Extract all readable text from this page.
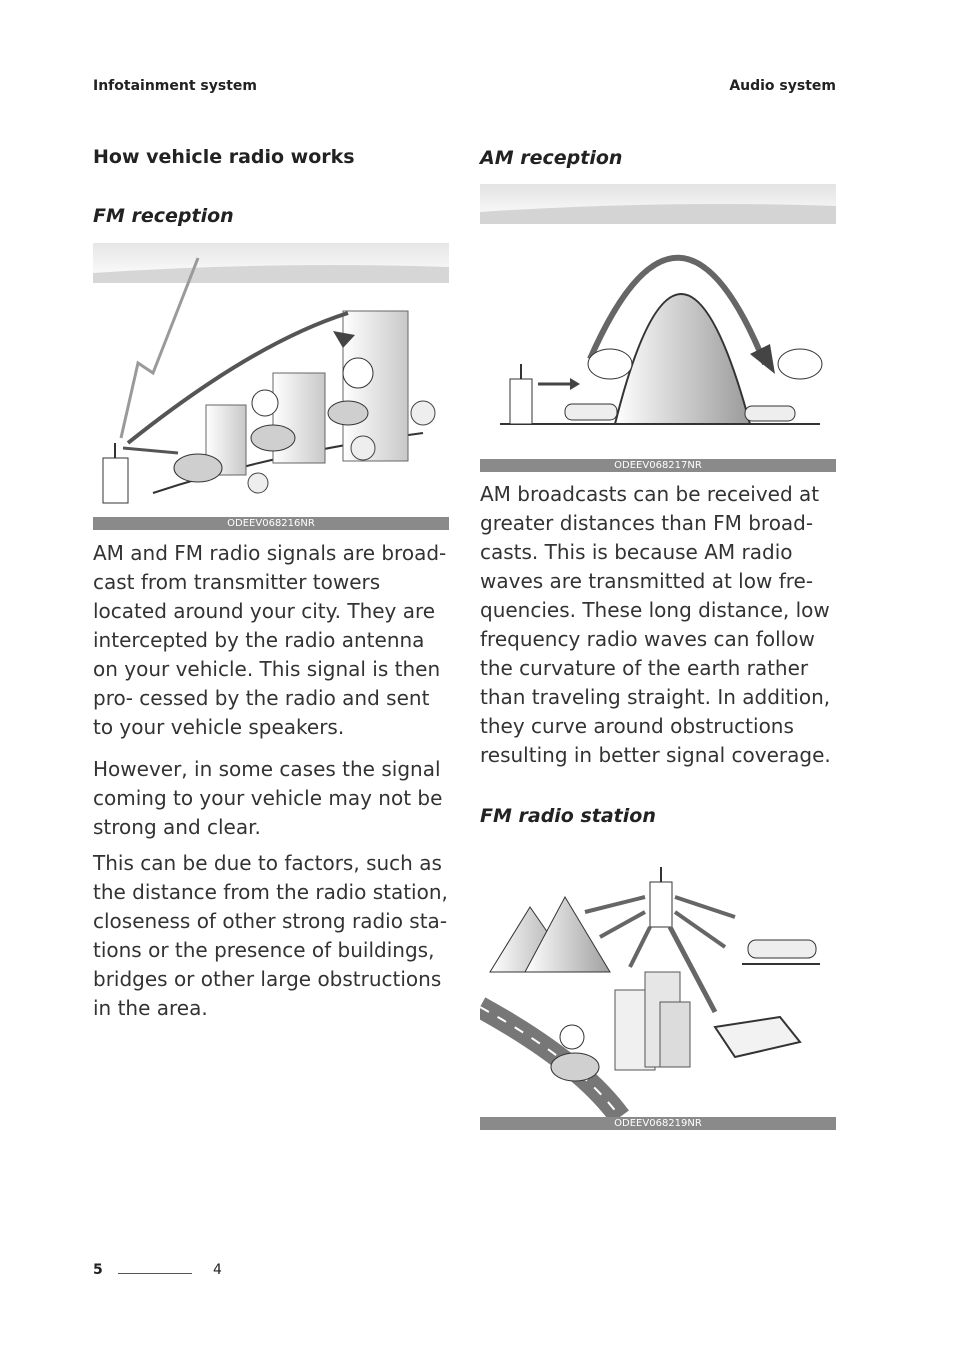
Infotainment system	Audio system
How vehicle radio works
FM reception
ODEEV068216NR

AM and FM radio signals are broad‑ cast from transmitter towers located around your city. They are intercepted by the radio antenna on your vehicle. This signal is then pro‑ cessed by the radio and sent to your vehicle speakers.

However, in some cases the signal coming to your vehicle may not be strong and clear.

This can be due to factors, such as the distance from the radio station, closeness of other strong radio sta‑ tions or the presence of buildings, bridges or other large obstructions in the area.

AM reception
ODEEV068217NR

AM broadcasts can be received at greater distances than FM broad‑ casts. This is because AM radio waves are transmitted at low fre‑ quencies. These long distance, low frequency radio waves can follow the curvature of the earth rather than traveling straight. In addition, they curve around obstructions resulting in better signal coverage.

FM radio station
ODEEV068219NR
5	4
